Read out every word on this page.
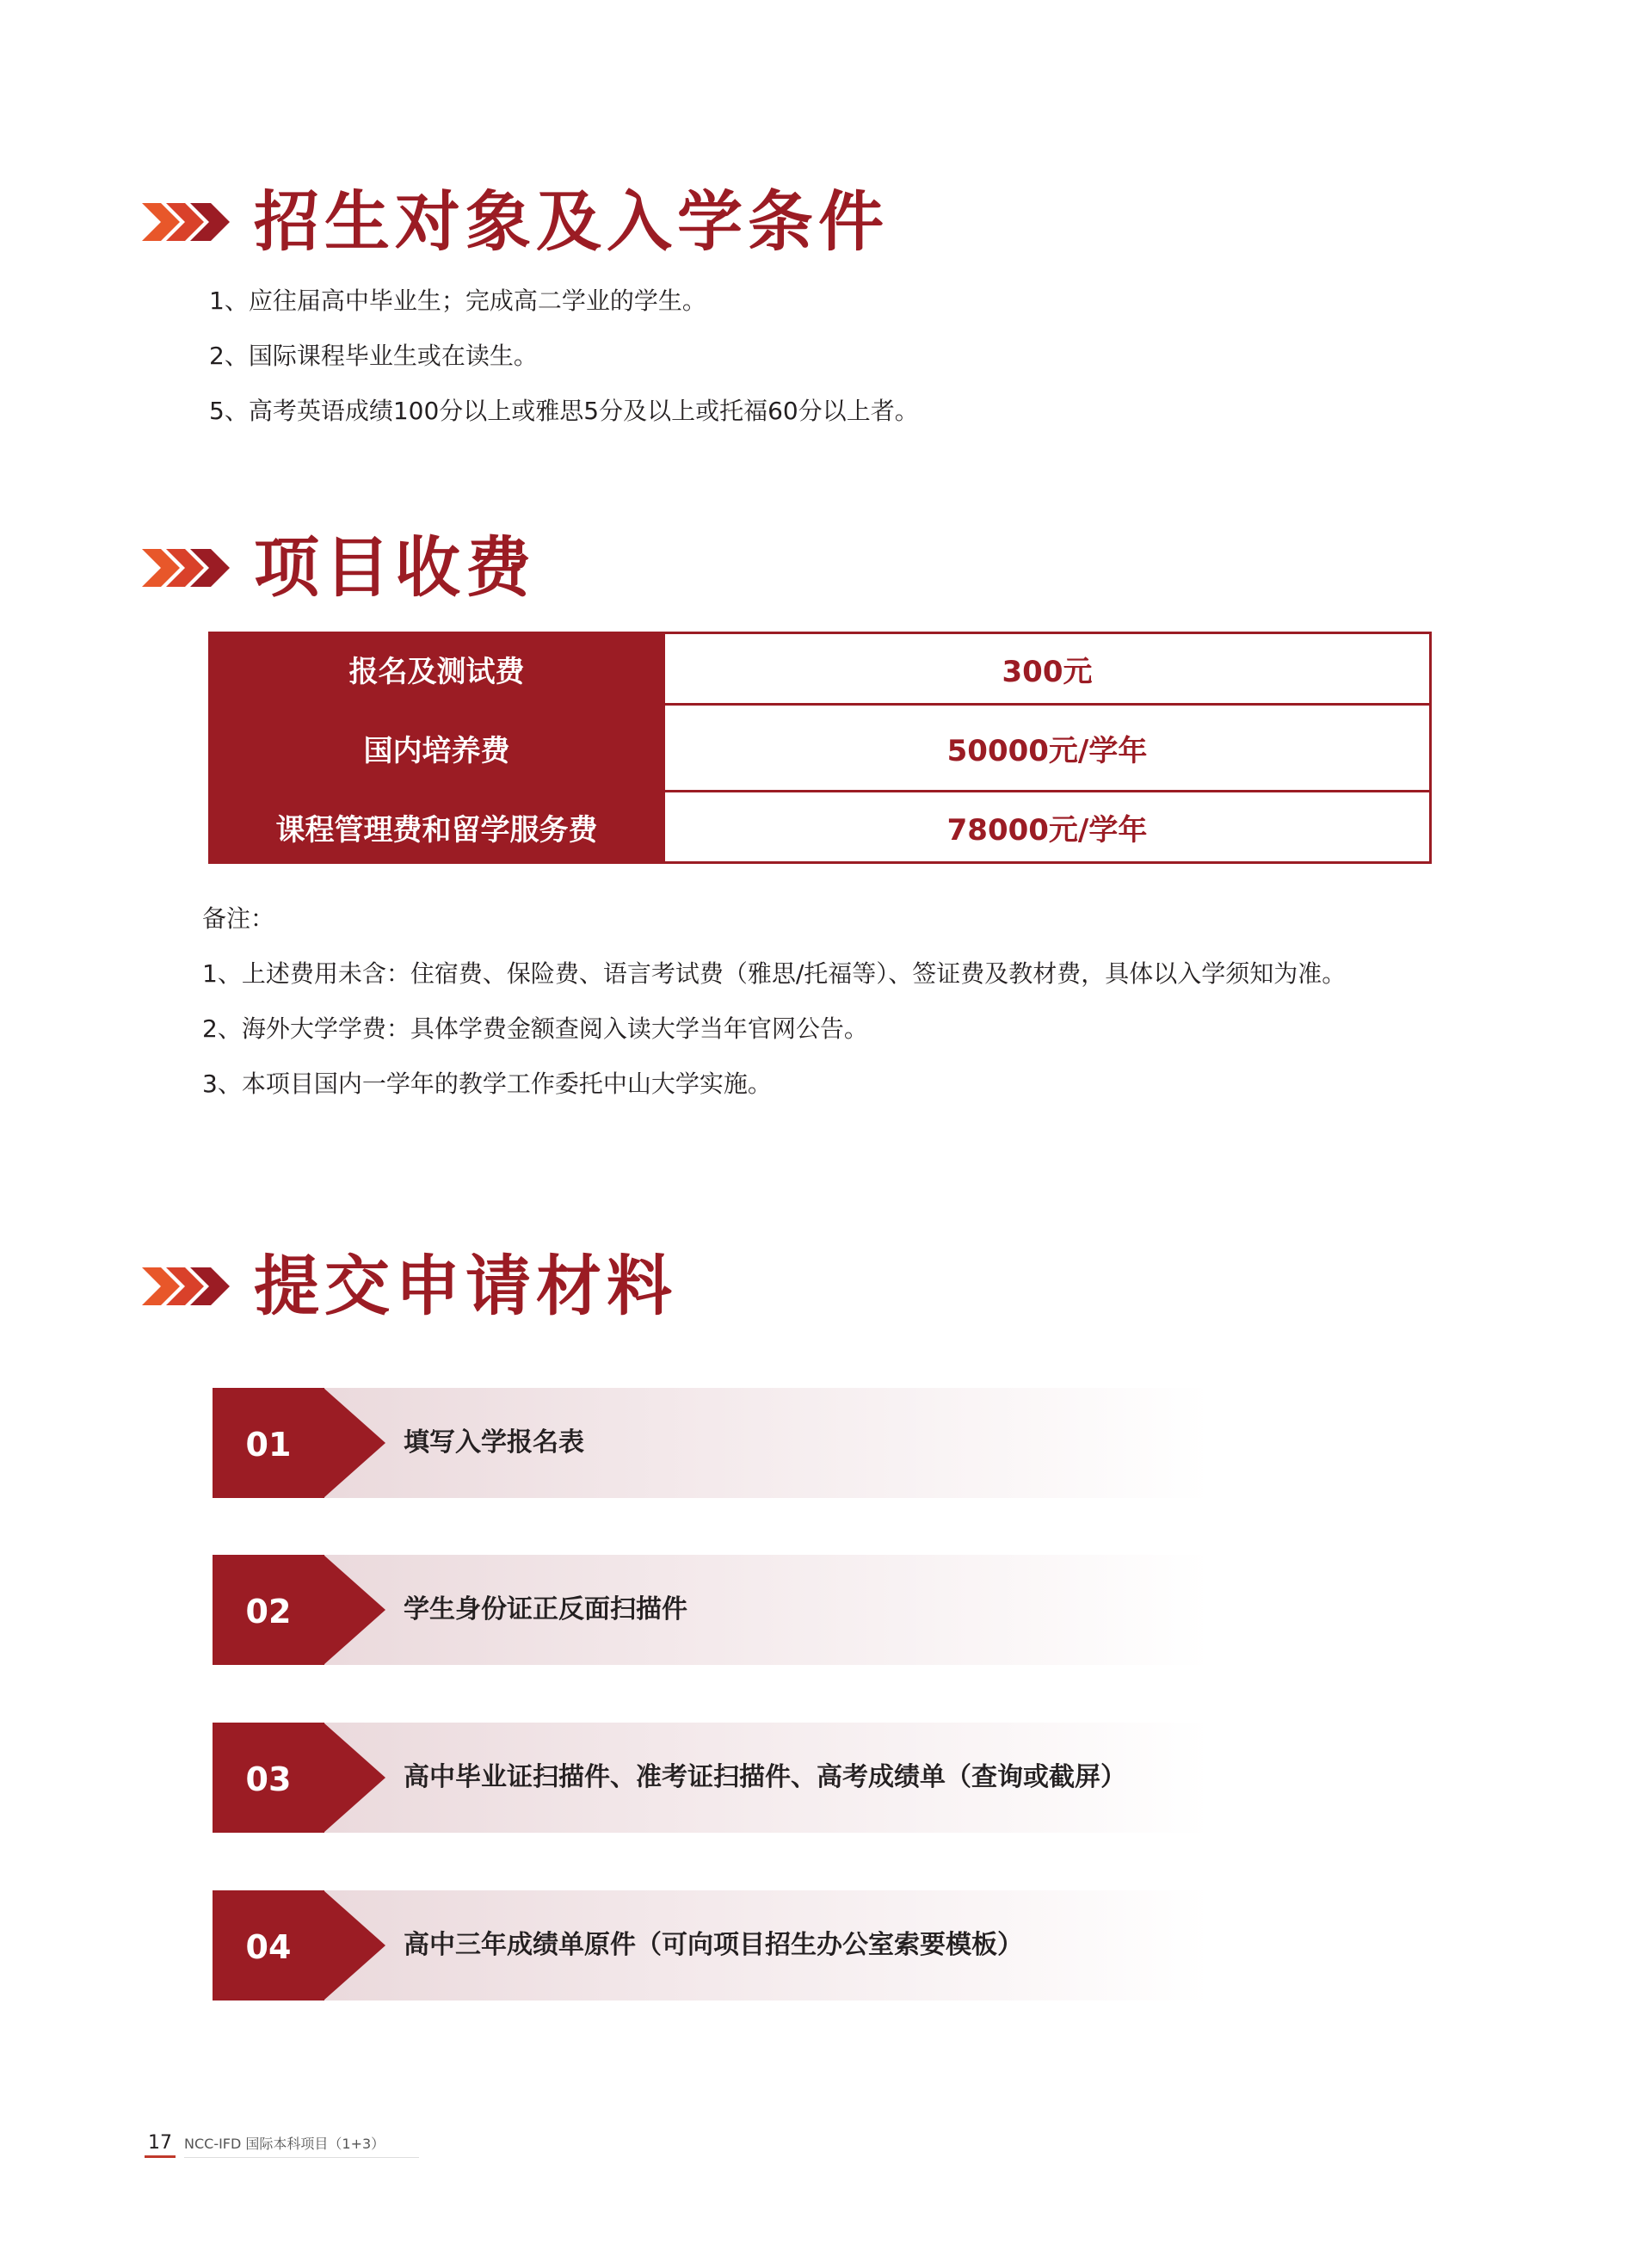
招生对象及入学条件
1、应往届高中毕业生；完成高二学业的学生。
2、国际课程毕业生或在读生。
5、高考英语成绩100分以上或雅思5分及以上或托福60分以上者。
项目收费
报名及测试费	300元
国内培养费	50000元/学年
课程管理费和留学服务费	78000元/学年
备注：
1、上述费用未含：住宿费、保险费、语言考试费（雅思/托福等）、签证费及教材费，具体以入学须知为准。
2、海外大学学费：具体学费金额查阅入读大学当年官网公告。
3、本项目国内一学年的教学工作委托中山大学实施。
提交申请材料
01	填写入学报名表
02	学生身份证正反面扫描件
03	高中毕业证扫描件、准考证扫描件、高考成绩单（查询或截屏）
04	高中三年成绩单原件（可向项目招生办公室索要模板）
17 NCC-IFD 国际本科项目（1+3）
